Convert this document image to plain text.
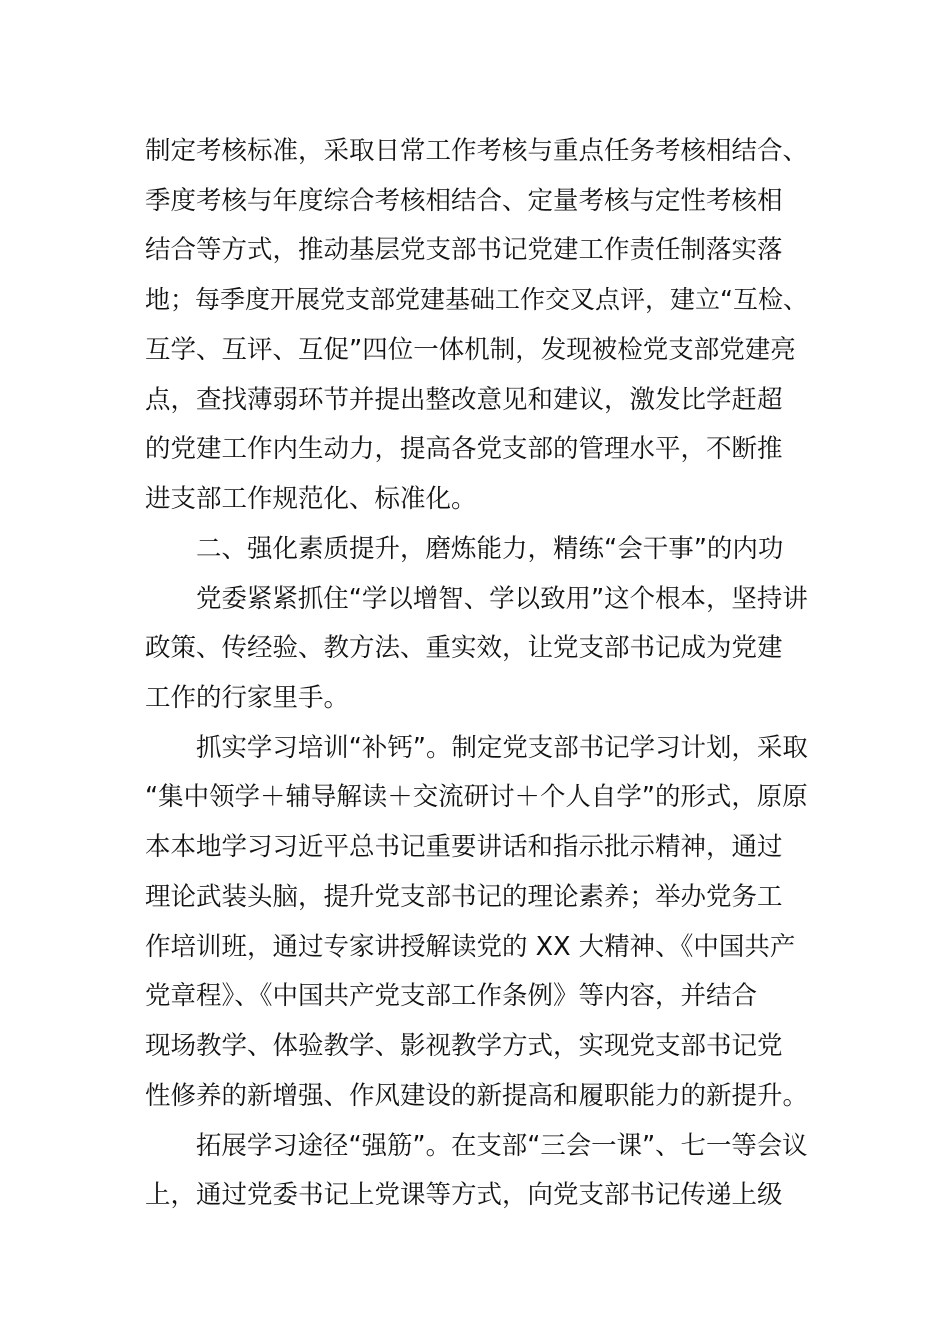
制定考核标准，采取日常工作考核与重点任务考核相结合、
季度考核与年度综合考核相结合、定量考核与定性考核相
结合等方式，推动基层党支部书记党建工作责任制落实落
地；每季度开展党支部党建基础工作交叉点评，建立“互检、
互学、互评、互促”四位一体机制，发现被检党支部党建亮
点，查找薄弱环节并提出整改意见和建议，激发比学赶超
的党建工作内生动力，提高各党支部的管理水平，不断推
进支部工作规范化、标准化。
二、强化素质提升，磨炼能力，精练“会干事”的内功
党委紧紧抓住“学以增智、学以致用”这个根本，坚持讲
政策、传经验、教方法、重实效，让党支部书记成为党建
工作的行家里手。
抓实学习培训“补钙”。制定党支部书记学习计划，采取
“集中领学＋辅导解读＋交流研讨＋个人自学”的形式，原原
本本地学习习近平总书记重要讲话和指示批示精神，通过
理论武装头脑，提升党支部书记的理论素养；举办党务工
作培训班，通过专家讲授解读党的 XX 大精神、《中国共产
党章程》、《中国共产党支部工作条例》等内容，并结合
现场教学、体验教学、影视教学方式，实现党支部书记党
性修养的新增强、作风建设的新提高和履职能力的新提升。
拓展学习途径“强筋”。在支部“三会一课”、七一等会议
上，通过党委书记上党课等方式，向党支部书记传递上级
